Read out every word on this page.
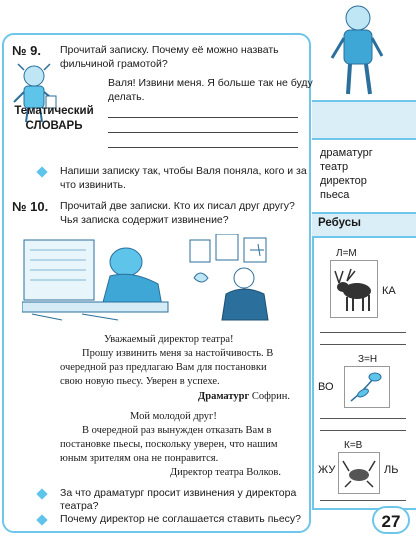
№ 9. Прочитай записку. Почему её можно назвать
фильчиной грамотой?
Валя! Извини меня. Я больше так не буду
делать.
Напиши записку так, чтобы Валя поняла, кого и за
что извинить.
№ 10. Прочитай две записки. Кто их писал друг другу?
Чья записка содержит извинение?
Уважаемый директор театра!
Прошу извинить меня за настойчивость. В
очередной раз предлагаю Вам для постановки
свою новую пьесу. Уверен в успехе.
Драматург Софрин.
Мой молодой друг!
В очередной раз вынужден отказать Вам в
постановке пьесы, поскольку уверен, что нашим
юным зрителям она не понравится.
Директор театра Волков.
За что драматург просит извинения у директора
театра?
Почему директор не соглашается ставить пьесу?
Тематический
СЛОВАРЬ
драматург
театр
директор
пьеса
Ребусы
Л=М
КА
З=Н
ВО
К=В
ЖУ	ЛЬ
27
